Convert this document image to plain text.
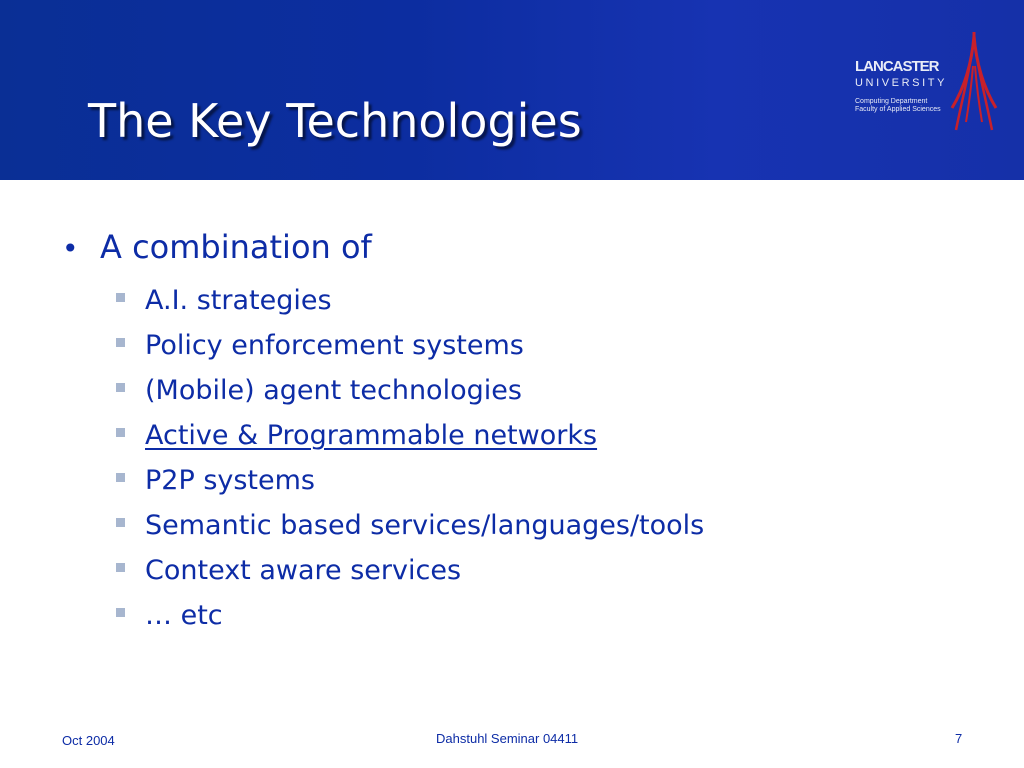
The Key Technologies
LANCASTER
UNIVERSITY
Computing Department
Faculty of Applied Sciences
• A combination of
A.I. strategies
Policy enforcement systems
(Mobile) agent technologies
Active & Programmable networks
P2P systems
Semantic based services/languages/tools
Context aware services
… etc
Oct 2004	Dahstuhl Seminar 04411	7
